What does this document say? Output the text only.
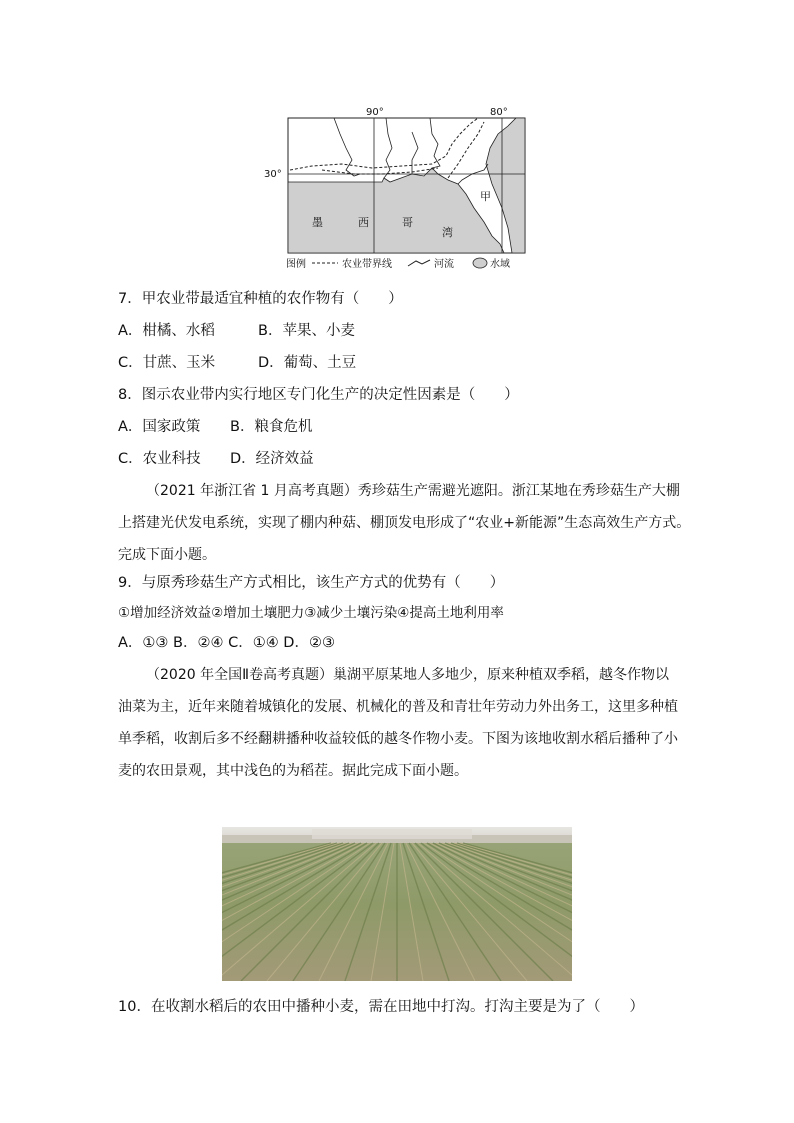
90°	80°
30°
墨	西	哥
湾
甲
图例	农业带界线	河流	水域
7．甲农业带最适宜种植的农作物有（　　）
A．柑橘、水稻	B．苹果、小麦
C．甘蔗、玉米	D．葡萄、土豆
8．图示农业带内实行地区专门化生产的决定性因素是（　　）
A．国家政策 B．粮食危机
C．农业科技 D．经济效益
（2021 年浙江省 1 月高考真题）秀珍菇生产需避光遮阳。浙江某地在秀珍菇生产大棚
上搭建光伏发电系统，实现了棚内种菇、棚顶发电形成了“农业+新能源”生态高效生产方式。
完成下面小题。
9．与原秀珍菇生产方式相比，该生产方式的优势有（　　）
①增加经济效益②增加土壤肥力③减少土壤污染④提高土地利用率
A．①③ B．②④ C．①④ D．②③
（2020 年全国Ⅱ卷高考真题）巢湖平原某地人多地少，原来种植双季稻，越冬作物以
油菜为主，近年来随着城镇化的发展、机械化的普及和青壮年劳动力外出务工，这里多种植
单季稻，收割后多不经翻耕播种收益较低的越冬作物小麦。下图为该地收割水稻后播种了小
麦的农田景观，其中浅色的为稻茬。据此完成下面小题。
10．在收割水稻后的农田中播种小麦，需在田地中打沟。打沟主要是为了（　　）
